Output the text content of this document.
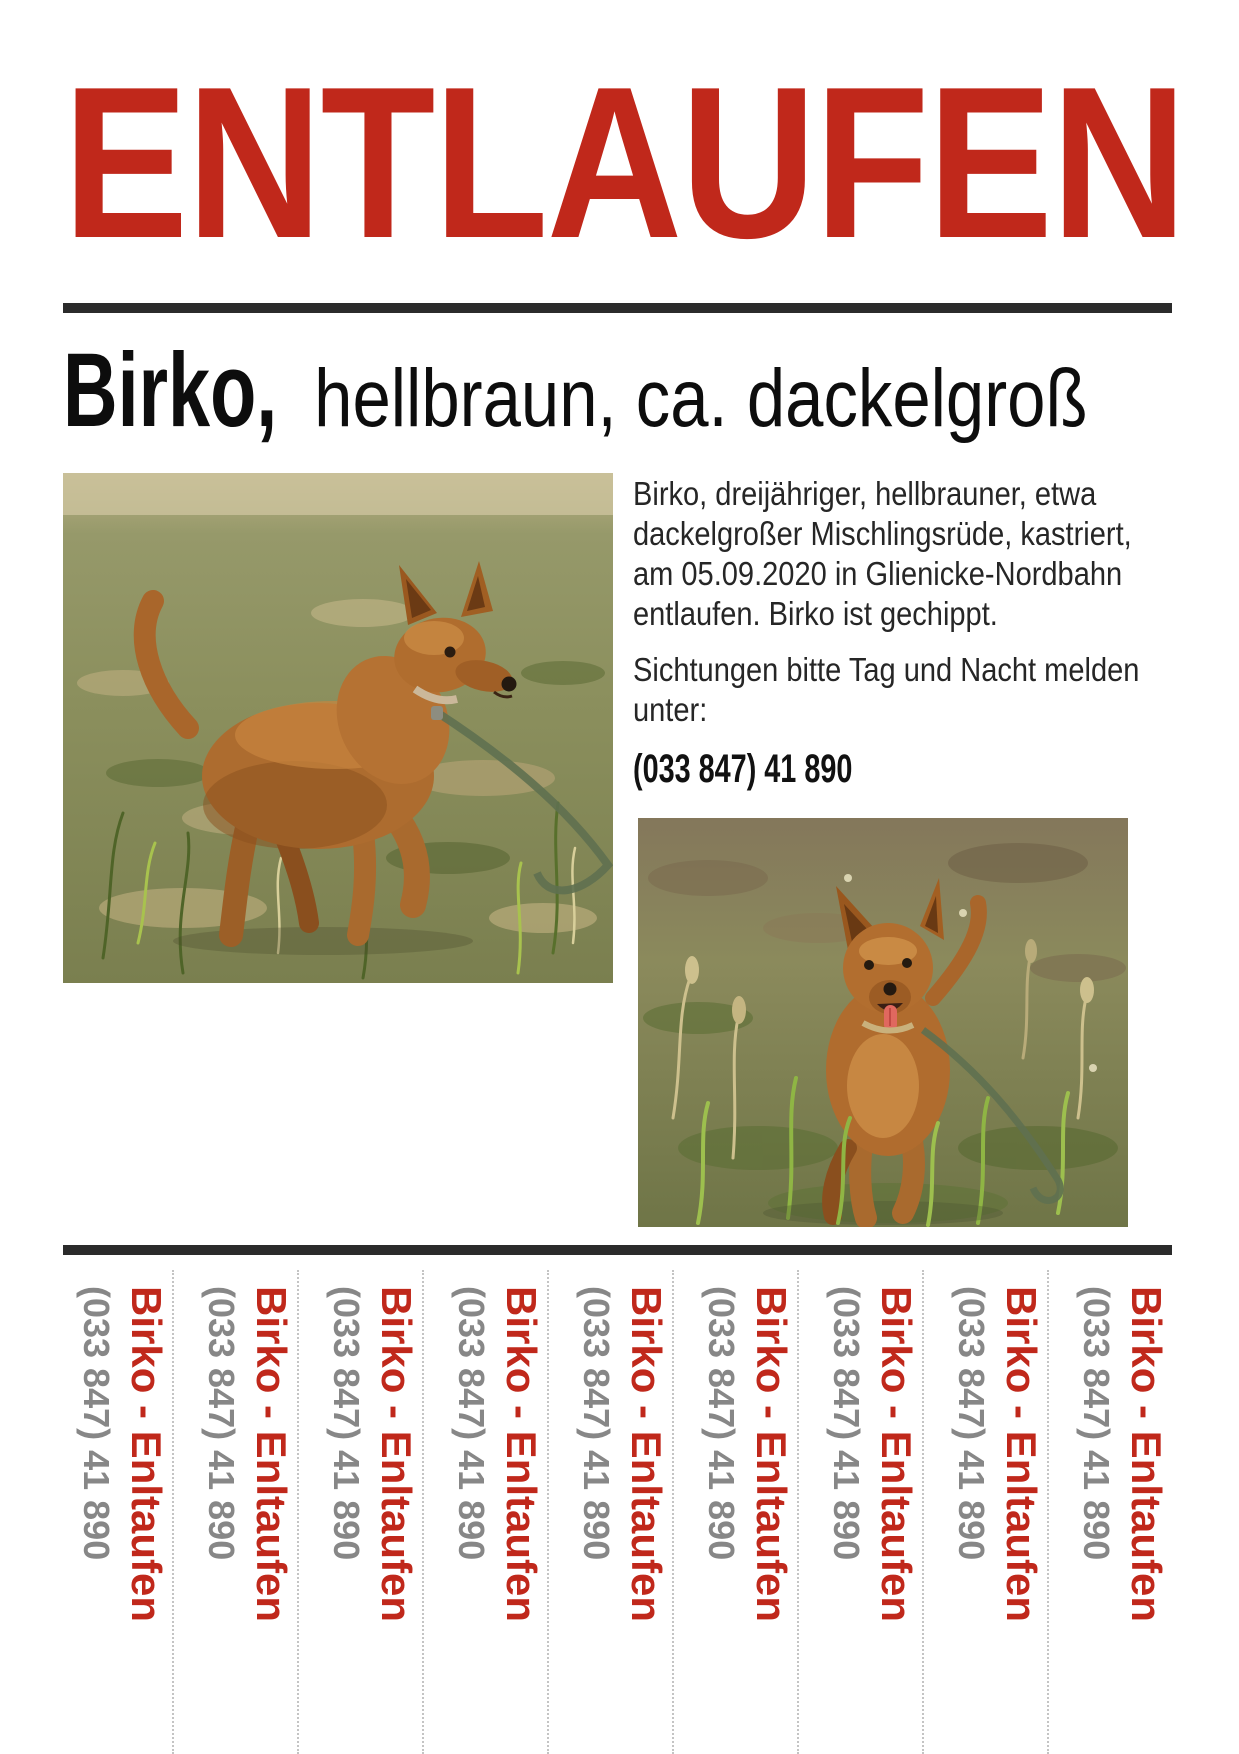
ENTLAUFEN
Birko, hellbraun, ca. dackelgroß
Birko, dreijähriger, hellbrauner, etwa
dackelgroßer Mischlingsrüde, kastriert,
am 05.09.2020 in Glienicke-Nordbahn
entlaufen. Birko ist gechippt.
Sichtungen bitte Tag und Nacht melden
unter:
(033 847) 41 890
Birko - Enltaufen
(033 847) 41 890	Birko - Enltaufen
(033 847) 41 890	Birko - Enltaufen
(033 847) 41 890	Birko - Enltaufen
(033 847) 41 890	Birko - Enltaufen
(033 847) 41 890	Birko - Enltaufen
(033 847) 41 890	Birko - Enltaufen
(033 847) 41 890	Birko - Enltaufen
(033 847) 41 890	Birko - Enltaufen
(033 847) 41 890
